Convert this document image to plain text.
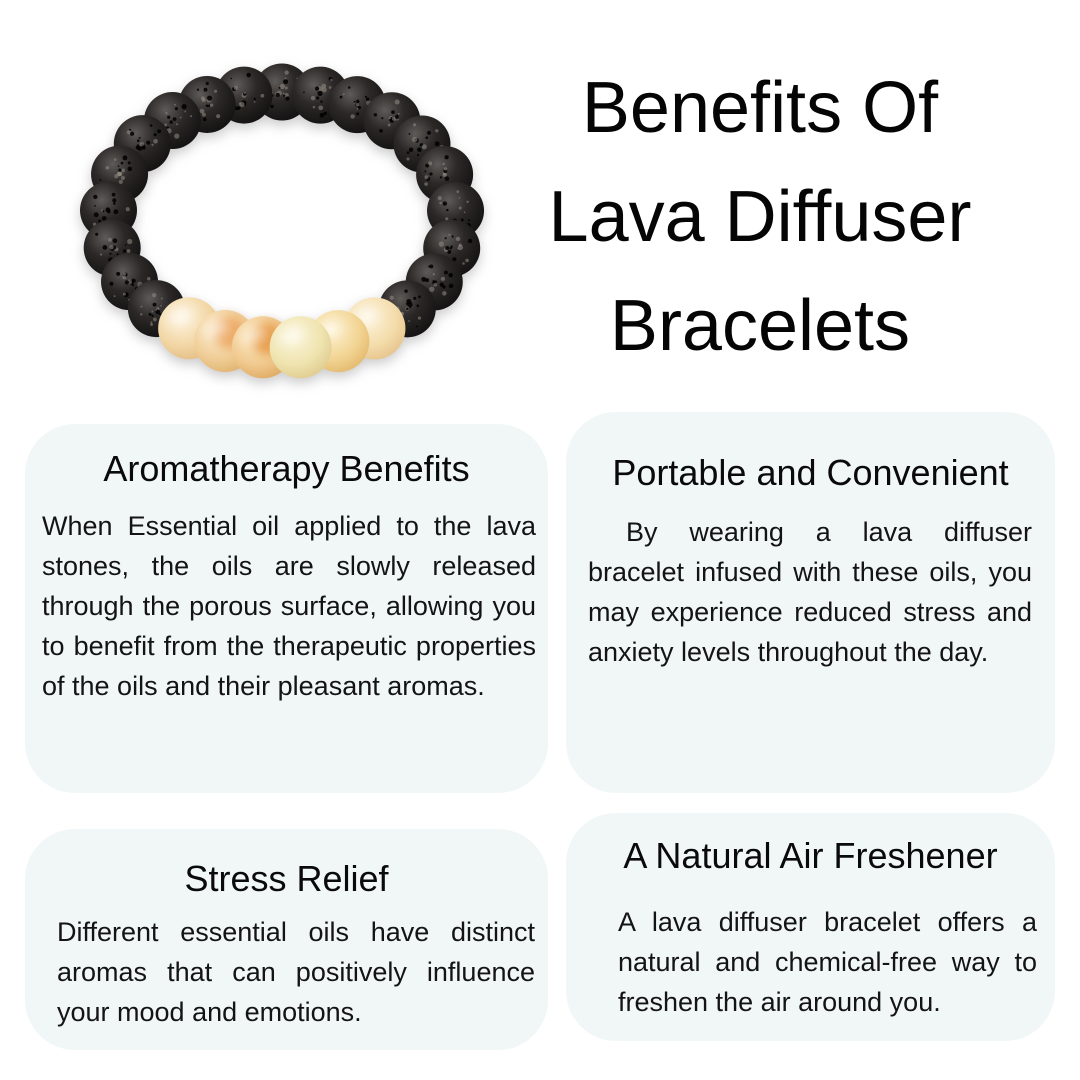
Benefits Of
Lava Diffuser
Bracelets
Aromatherapy Benefits

When Essential oil applied to the lava stones, the oils are slowly released through the porous surface, allowing you to benefit from the therapeutic properties of the oils and their pleasant aromas.

Portable and Convenient

By wearing a lava diffuser bracelet infused with these oils, you may experience reduced stress and anxiety levels throughout the day.

Stress Relief

Different essential oils have distinct aromas that can positively influence your mood and emotions.

A Natural Air Freshener

A lava diffuser bracelet offers a natural and chemical-free way to freshen the air around you.
